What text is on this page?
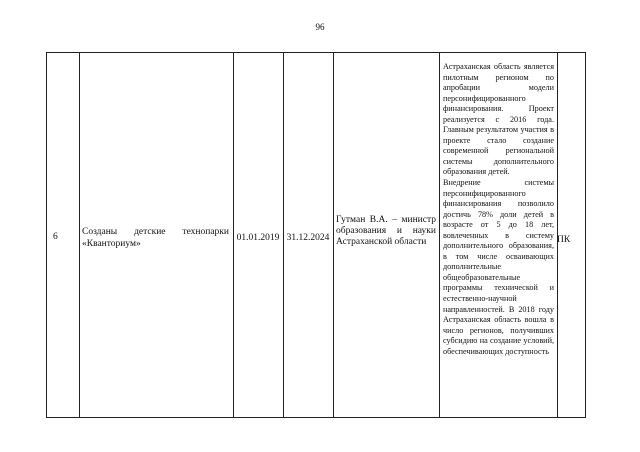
96
6	Созданы детские технопарки «Кванториум»
01.01.2019 31.12.2024
Гутман В.А. – министр образования и науки Астраханской области
Астраханская область является пилотным регионом по апробации модели персонифицированного финансирования. Проект реализуется с 2016 года. Главным результатом участия в проекте стало создание современной региональной системы дополнительного образования детей.
Внедрение системы персонифицированного финансирования позволило достичь 78% доли детей в возрасте от 5 до 18 лет, вовлеченных в систему дополнительного образования, в том числе осваивающих дополнительные общеобразовательные программы технической и естественно-научной направленностей. В 2018 году Астраханская область вошла в число регионов, получивших субсидию на создание условий, обеспечивающих доступность
ПК
